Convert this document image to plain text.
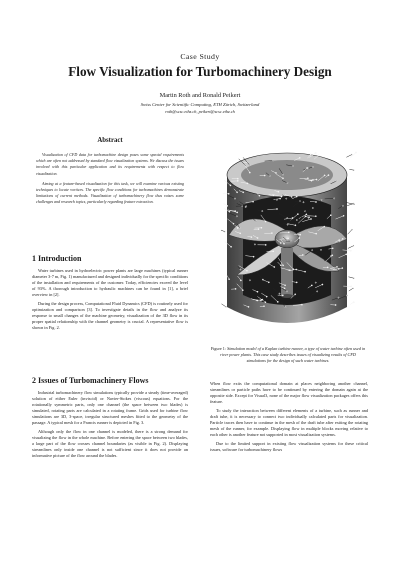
Case Study
Flow Visualization for Turbomachinery Design
Martin Roth and Ronald Peikert
Swiss Center for Scientific Computing, ETH Zürich, Switzerland
roth@scsc.ethz.ch, peikert@scsc.ethz.ch
Abstract

Visualization of CFD data for turbomachine design poses some special requirements which are often not addressed by standard flow visualization systems. We discuss the issues involved with this particular application and its requirements with respect to flow visualization.

Aiming at a feature-based visualization for this task, we will examine various existing techniques to locate vortices. The specific flow conditions for turbomachines demonstrate limitations of current methods. Visualization of turbomachinery flow thus raises some challenges and research topics, particularly regarding feature extraction.

1 Introduction

Water turbines used in hydroelectric power plants are large machines (typical runner diameter 3-7 m, Fig. 1) manufactured and designed individually for the specific conditions of the installation and requirements of the customer. Today, efficiencies exceed the level of 93%. A thorough introduction to hydraulic machines can be found in [1], a brief overview in [2].

During the design process, Computational Fluid Dynamics (CFD) is routinely used for optimization and comparison [3]. To investigate details in the flow and analyze its response to small changes of the machine geometry, visualization of the 3D flow in its proper spatial relationship with the channel geometry is crucial. A representative flow is shown in Fig. 2.

2 Issues of Turbomachinery Flows

Industrial turbomachinery flow simulations typically provide a steady (time-averaged) solution of either Euler (inviscid) or Navier-Stokes (viscous) equations. For the rotationally symmetric parts, only one channel (the space between two blades) is simulated, rotating parts are calculated in a rotating frame. Grids used for turbine flow simulations are 3D, 3-space, irregular structured meshes fitted to the geometry of the passage. A typical mesh for a Francis runner is depicted in Fig. 3.

Although only the flow in one channel is modeled, there is a strong demand for visualizing the flow in the whole machine. Before entering the space between two blades, a large part of the flow crosses channel boundaries (as visible in Fig. 2). Displaying streamlines only inside one channel is not sufficient since it does not provide an informative picture of the flow around the blades.

Figure 1: Simulation model of a Kaplan turbine runner, a type of water turbine often used in river power plants. This case study describes issues of visualizing results of CFD simulations for the design of such water turbines.

When flow exits the computational domain at places neighboring another channel, streamlines or particle paths have to be continued by entering the domain again at the opposite side. Except for Visual3, none of the major flow visualization packages offers this feature.

To study the interaction between different elements of a turbine, such as runner and draft tube, it is necessary to connect two individually calculated parts for visualization. Particle traces then have to continue in the mesh of the draft tube after exiting the rotating mesh of the runner, for example. Displaying flow in multiple blocks moving relative to each other is another feature not supported in most visualization systems.

Due to the limited support in existing flow visualization systems for these critical issues, software for turbomachinery flows
